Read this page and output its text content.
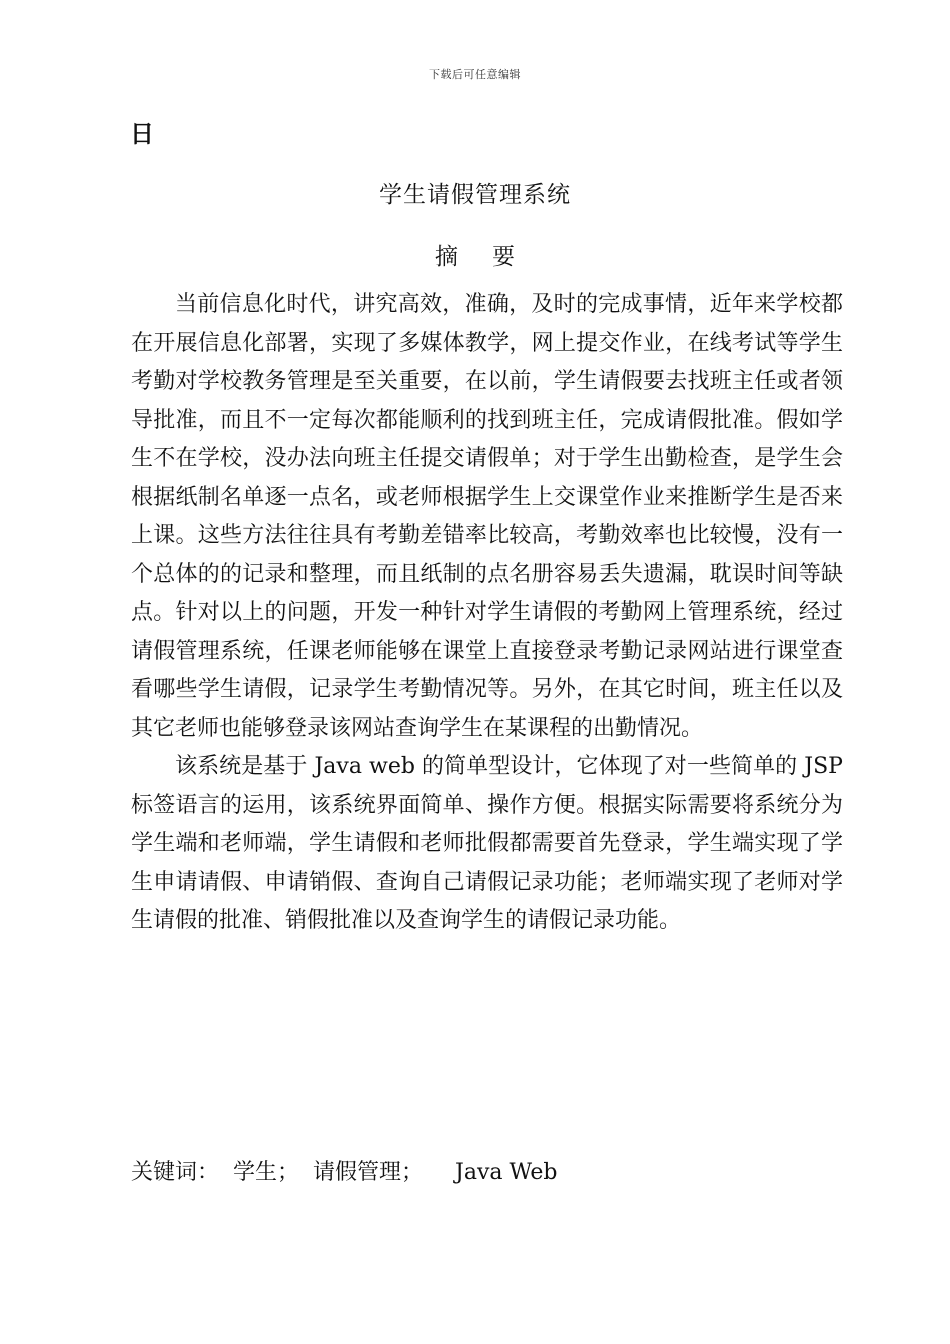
下载后可任意编辑
日
学生请假管理系统
摘 要

当前信息化时代，讲究高效，准确，及时的完成事情，近年来学校都在开展信息化部署，实现了多媒体教学，网上提交作业，在线考试等学生考勤对学校教务管理是至关重要，在以前，学生请假要去找班主任或者领导批准，而且不一定每次都能顺利的找到班主任，完成请假批准。假如学生不在学校，没办法向班主任提交请假单；对于学生出勤检查，是学生会根据纸制名单逐一点名，或老师根据学生上交课堂作业来推断学生是否来上课。这些方法往往具有考勤差错率比较高，考勤效率也比较慢，没有一个总体的的记录和整理，而且纸制的点名册容易丢失遗漏，耽误时间等缺点。针对以上的问题，开发一种针对学生请假的考勤网上管理系统，经过请假管理系统，任课老师能够在课堂上直接登录考勤记录网站进行课堂查看哪些学生请假，记录学生考勤情况等。另外，在其它时间，班主任以及其它老师也能够登录该网站查询学生在某课程的出勤情况。

该系统是基于 Java web 的简单型设计，它体现了对一些简单的 JSP 标签语言的运用，该系统界面简单、操作方便。根据实际需要将系统分为学生端和老师端，学生请假和老师批假都需要首先登录，学生端实现了学生申请请假、申请销假、查询自己请假记录功能；老师端实现了老师对学生请假的批准、销假批准以及查询学生的请假记录功能。

关键词： 学生； 请假管理； Java Web
